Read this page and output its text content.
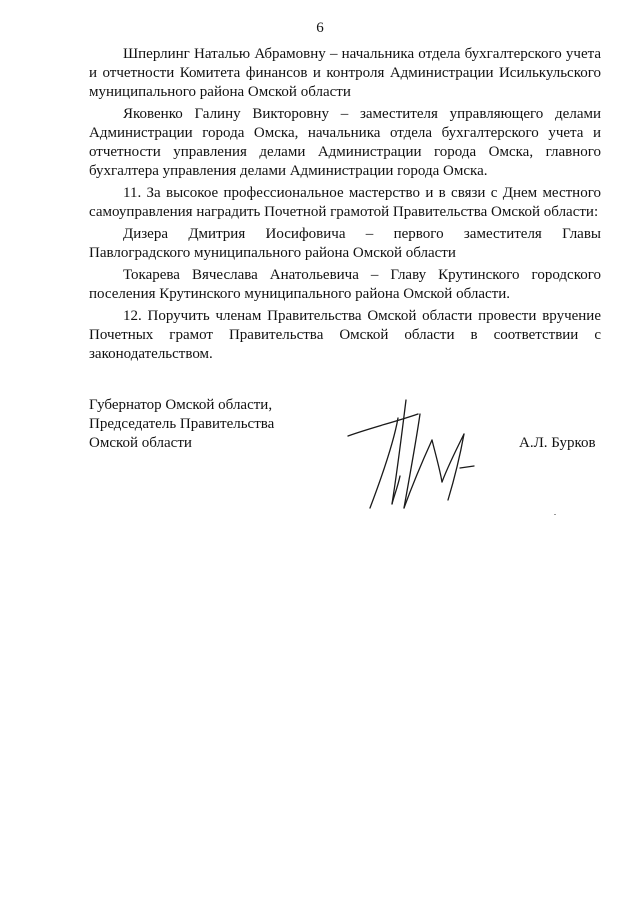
6

Шперлинг Наталью Абрамовну – начальника отдела бухгалтерского учета и отчетности Комитета финансов и контроля Администрации Исилькульского муниципального района Омской области

Яковенко Галину Викторовну – заместителя управляющего делами Администрации города Омска, начальника отдела бухгалтерского учета и отчетности управления делами Администрации города Омска, главного бухгалтера управления делами Администрации города Омска.

11. За высокое профессиональное мастерство и в связи с Днем местного самоуправления наградить Почетной грамотой Правительства Омской области:

Дизера Дмитрия Иосифовича – первого заместителя Главы Павлоградского муниципального района Омской области

Токарева Вячеслава Анатольевича – Главу Крутинского городского поселения Крутинского муниципального района Омской области.

12. Поручить членам Правительства Омской области провести вручение Почетных грамот Правительства Омской области в соответствии с законодательством.

Губернатор Омской области,
Председатель Правительства
Омской области	А.Л. Бурков
